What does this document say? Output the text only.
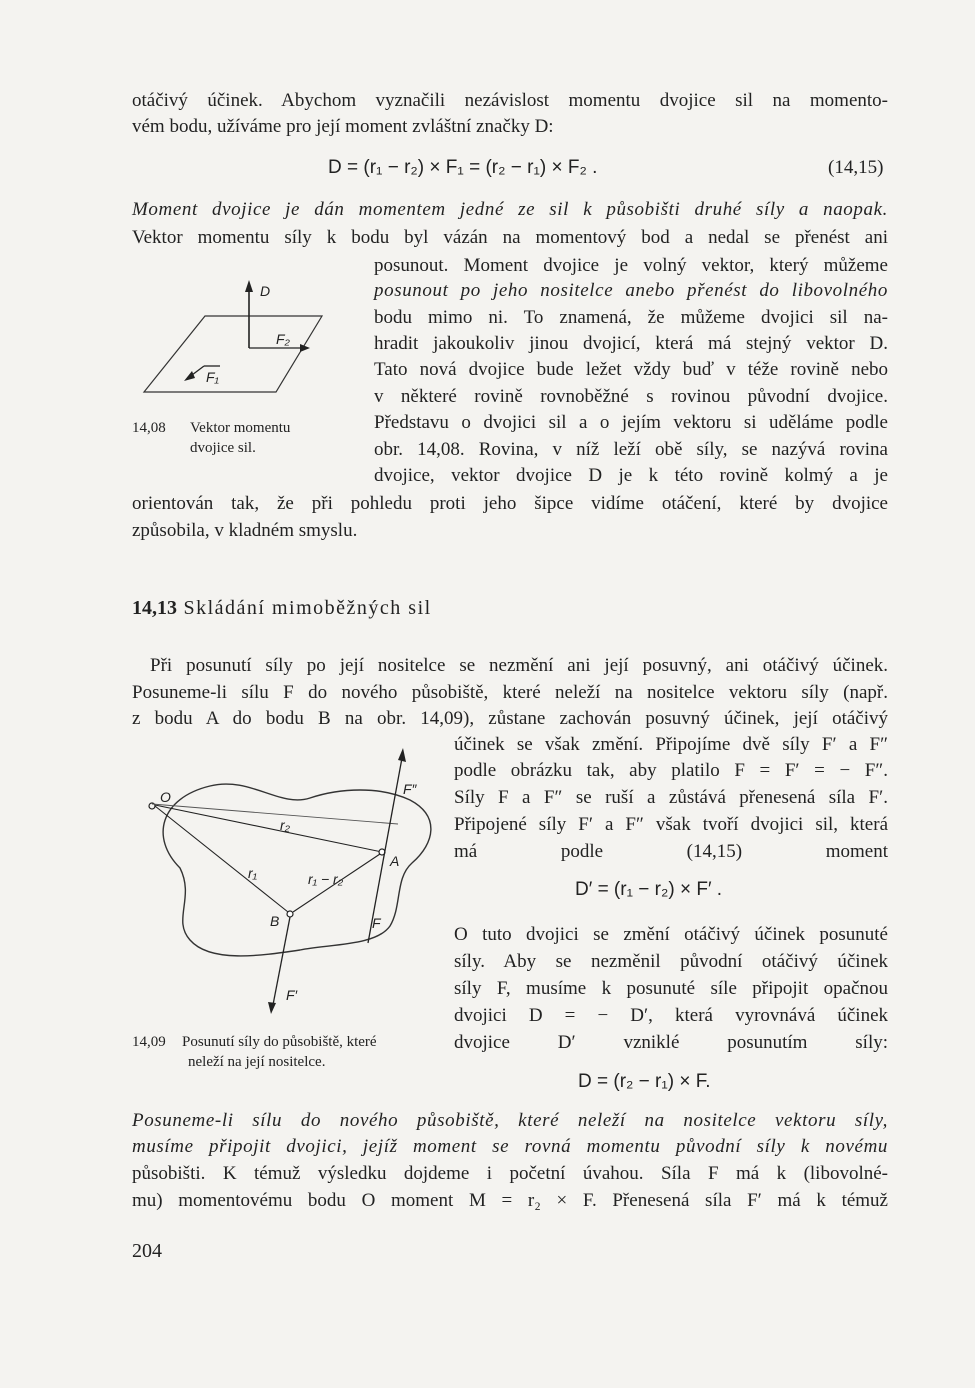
otáčivý účinek. Abychom vyznačili nezávislost momentu dvojice sil na momento-
vém bodu, užíváme pro její moment zvláštní značky D:
D = (r₁ − r₂) × F₁ = (r₂ − r₁) × F₂ .	(14,15)
Moment dvojice je dán momentem jedné ze sil k působišti druhé síly a naopak.
Vektor momentu síly k bodu byl vázán na momentový bod a nedal se přenést ani
posunout. Moment dvojice je volný vektor, který můžeme
posunout po jeho nositelce anebo přenést do libovolného
bodu mimo ni. To znamená, že můžeme dvojici sil na-
hradit jakoukoliv jinou dvojicí, která má stejný vektor D.
Tato nová dvojice bude ležet vždy buď v téže rovině nebo
v některé rovině rovnoběžné s rovinou původní dvojice.
Představu o dvojici sil a o jejím vektoru si uděláme podle
obr. 14,08. Rovina, v níž leží obě síly, se nazývá rovina
dvojice, vektor dvojice D je k této rovině kolmý a je
orientován tak, že při pohledu proti jeho šipce vidíme otáčení, které by dvojice
způsobila, v kladném smyslu.
D
F₂
F₁
14,08 Vektor momentu
dvojice sil.
14,13 Skládání mimoběžných sil
Při posunutí síly po její nositelce se nezmění ani její posuvný, ani otáčivý účinek.
Posuneme-li sílu F do nového působiště, které neleží na nositelce vektoru síly (např.
z bodu A do bodu B na obr. 14,09), zůstane zachován posuvný účinek, její otáčivý
účinek se však změní. Připojíme dvě síly F′ a F″
podle obrázku tak, aby platilo F = F′ = − F″.
Síly F a F″ se ruší a zůstává přenesená síla F′.
Připojené síly F′ a F″ však tvoří dvojici sil, která
má podle (14,15) moment
D′ = (r₁ − r₂) × F′ .
O tuto dvojici se změní otáčivý účinek posunuté
síly. Aby se nezměnil původní otáčivý účinek
síly F, musíme k posunuté síle připojit opačnou
dvojici D = − D′, která vyrovnává účinek
dvojice D′ vzniklé posunutím síly:
D = (r₂ − r₁) × F.
O
A
B
r₂
r₁	r₁ − r₂
F″
F
F′
14,09 Posunutí síly do působiště, které
neleží na její nositelce.
Posuneme-li sílu do nového působiště, které neleží na nositelce vektoru síly,
musíme připojit dvojici, jejíž moment se rovná momentu původní síly k novému
působišti. K témuž výsledku dojdeme i početní úvahou. Síla F má k (libovolné-
mu) momentovému bodu O moment M = r₂ × F. Přenesená síla F′ má k témuž
204
